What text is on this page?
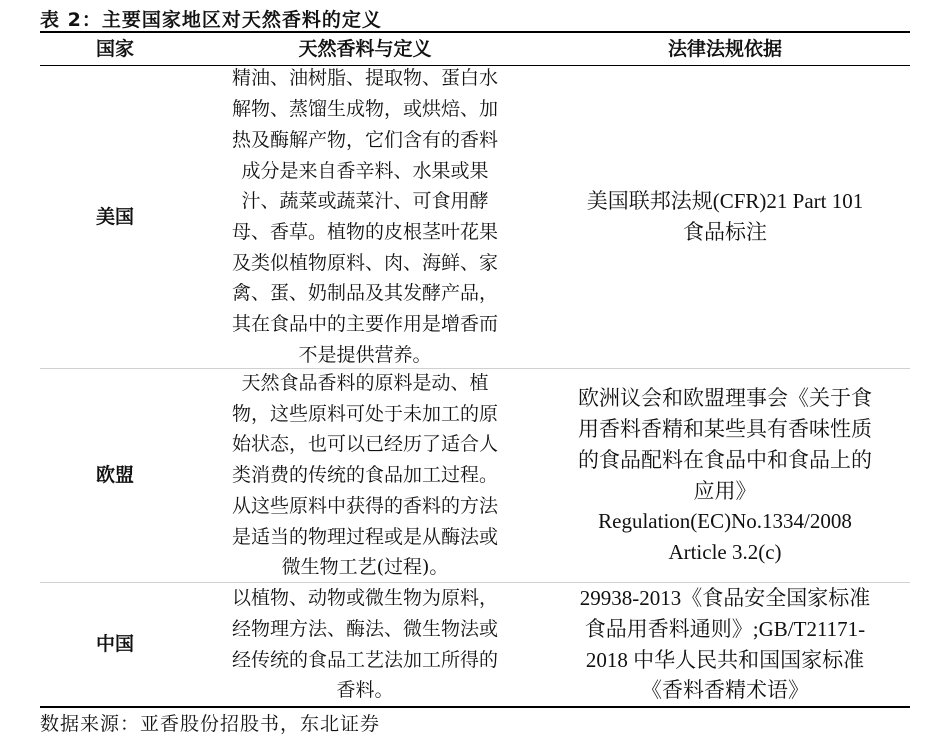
表 2：主要国家地区对天然香料的定义
国家	天然香料与定义	法律法规依据
美国
精油、油树脂、提取物、蛋白水
解物、蒸馏生成物，或烘焙、加
热及酶解产物，它们含有的香料
成分是来自香辛料、水果或果
汁、蔬菜或蔬菜汁、可食用酵
母、香草。植物的皮根茎叶花果
及类似植物原料、肉、海鲜、家
禽、蛋、奶制品及其发酵产品，
其在食品中的主要作用是增香而
不是提供营养。
美国联邦法规(CFR)21 Part 101
食品标注
欧盟
天然食品香料的原料是动、植
物，这些原料可处于未加工的原
始状态，也可以已经历了适合人
类消费的传统的食品加工过程。
从这些原料中获得的香料的方法
是适当的物理过程或是从酶法或
微生物工艺(过程)。
欧洲议会和欧盟理事会《关于食
用香料香精和某些具有香味性质
的食品配料在食品中和食品上的
应用》
Regulation(EC)No.1334/2008
Article 3.2(c)
中国
以植物、动物或微生物为原料，
经物理方法、酶法、微生物法或
经传统的食品工艺法加工所得的
香料。
29938-2013《食品安全国家标准
食品用香料通则》;GB/T21171-
2018 中华人民共和国国家标准
《香料香精术语》
数据来源：亚香股份招股书，东北证券
